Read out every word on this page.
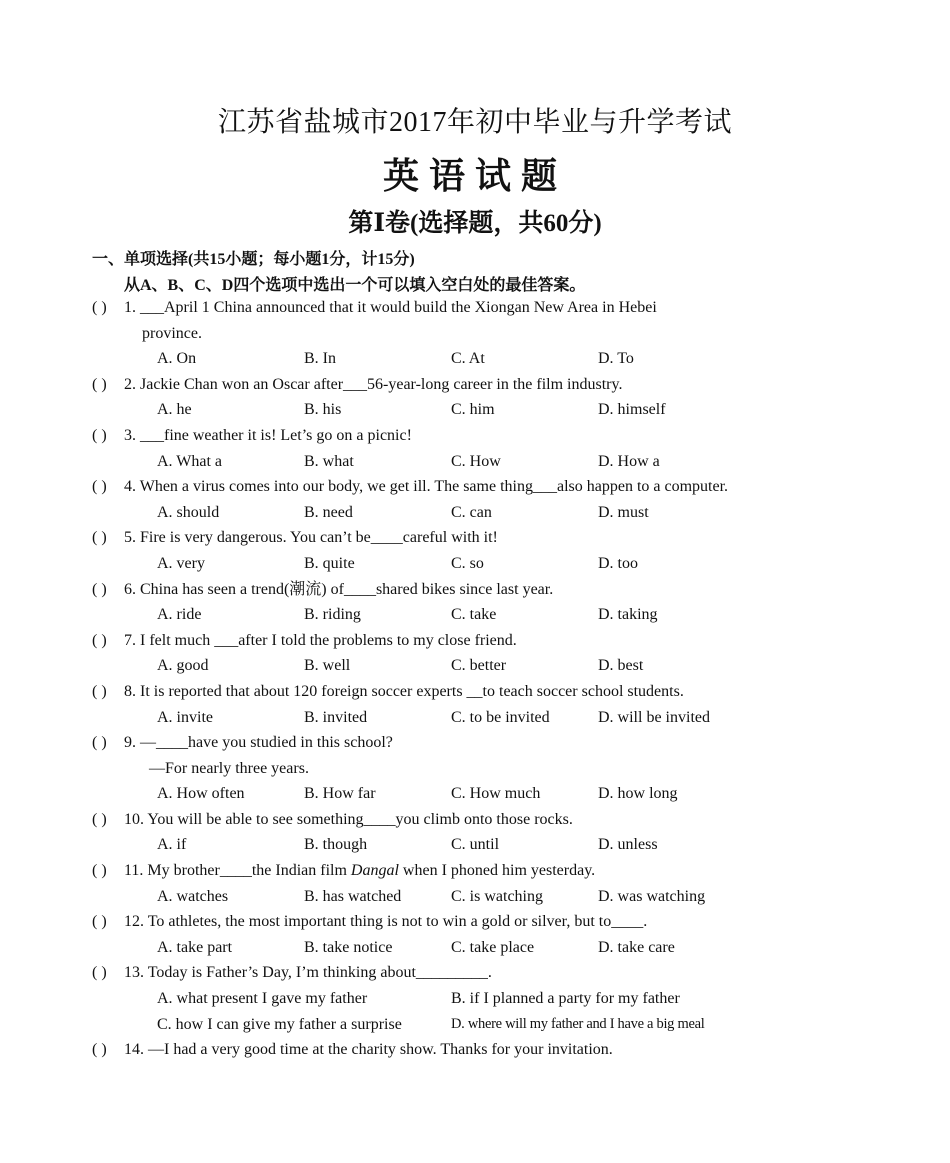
江苏省盐城市2017年初中毕业与升学考试
英语试题
第Ⅰ卷(选择题，共60分)

一、单项选择(共15小题；每小题1分，计15分)

从A、B、C、D四个选项中选出一个可以填入空白处的最佳答案。

( )	1. ___April 1 China announced that it would build the Xiongan New Area in Hebei
province.
A. On	B. In	C. At	D. To
( )	2. Jackie Chan won an Oscar after___56-year-long career in the film industry.
A. he	B. his	C. him	D. himself
( )	3. ___fine weather it is! Let’s go on a picnic!
A. What a	B. what	C. How	D. How a
( )	4. When a virus comes into our body, we get ill. The same thing___also happen to a computer.
A. should	B. need	C. can	D. must
( )	5. Fire is very dangerous. You can’t be____careful with it!
A. very	B. quite	C. so	D. too
( )	6. China has seen a trend(潮流) of____shared bikes since last year.
A. ride	B. riding	C. take	D. taking
( )	7. I felt much ___after I told the problems to my close friend.
A. good	B. well	C. better	D. best
( )	8. It is reported that about 120 foreign soccer experts __to teach soccer school students.
A. invite	B. invited	C. to be invited	D. will be invited
( )	9. —____have you studied in this school?
—For nearly three years.
A. How often	B. How far	C. How much	D. how long
( )	10. You will be able to see something____you climb onto those rocks.
A. if	B. though	C. until	D. unless
( )	11. My brother____the Indian film Dangal when I phoned him yesterday.
A. watches	B. has watched	C. is watching	D. was watching
( )	12. To athletes, the most important thing is not to win a gold or silver, but to____.
A. take part	B. take notice	C. take place	D. take care
( )	13. Today is Father’s Day, I’m thinking about_________.
A. what present I gave my father	B. if I planned a party for my father
C. how I can give my father a surprise	D. where will my father and I have a big meal
( )	14. —I had a very good time at the charity show. Thanks for your invitation.
